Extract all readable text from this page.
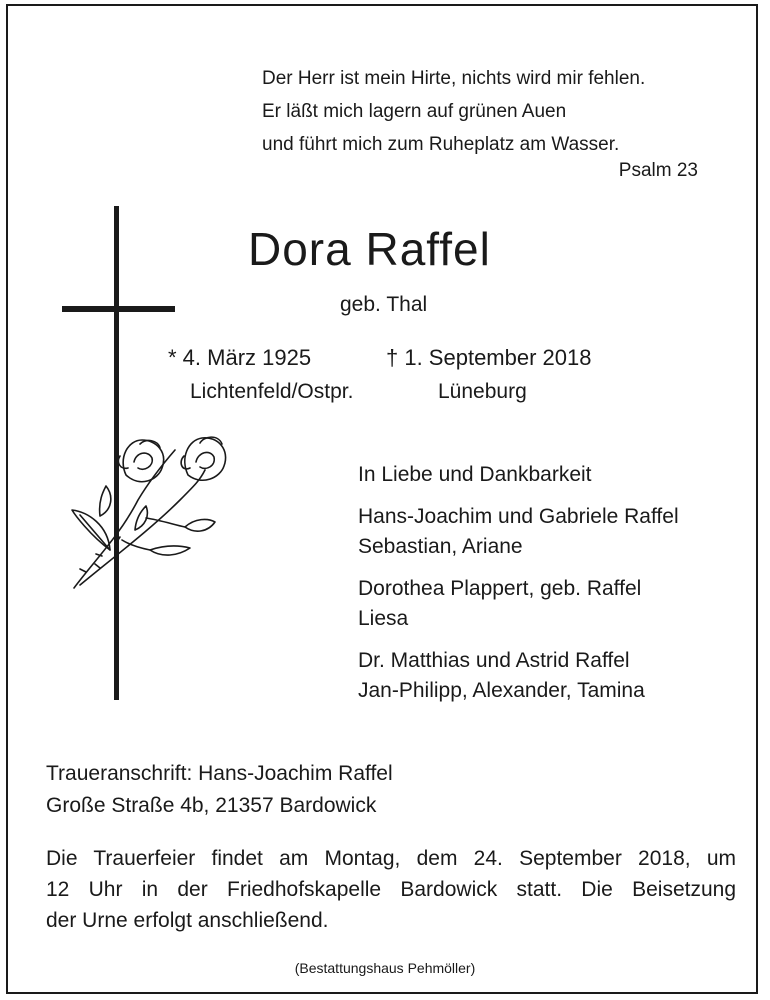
Der Herr ist mein Hirte, nichts wird mir fehlen.
Er läßt mich lagern auf grünen Auen
und führt mich zum Ruheplatz am Wasser.
Psalm 23
Dora Raffel
geb. Thal
* 4. März 1925	† 1. September 2018
Lichtenfeld/Ostpr.	Lüneburg
In Liebe und Dankbarkeit
Hans-Joachim und Gabriele Raffel
Sebastian, Ariane
Dorothea Plappert, geb. Raffel
Liesa
Dr. Matthias und Astrid Raffel
Jan-Philipp, Alexander, Tamina
Traueranschrift: Hans-Joachim Raffel
Große Straße 4b, 21357 Bardowick
Die Trauerfeier findet am Montag, dem 24. September 2018, um
12 Uhr in der Friedhofskapelle Bardowick statt. Die Beisetzung
der Urne erfolgt anschließend.
(Bestattungshaus Pehmöller)
